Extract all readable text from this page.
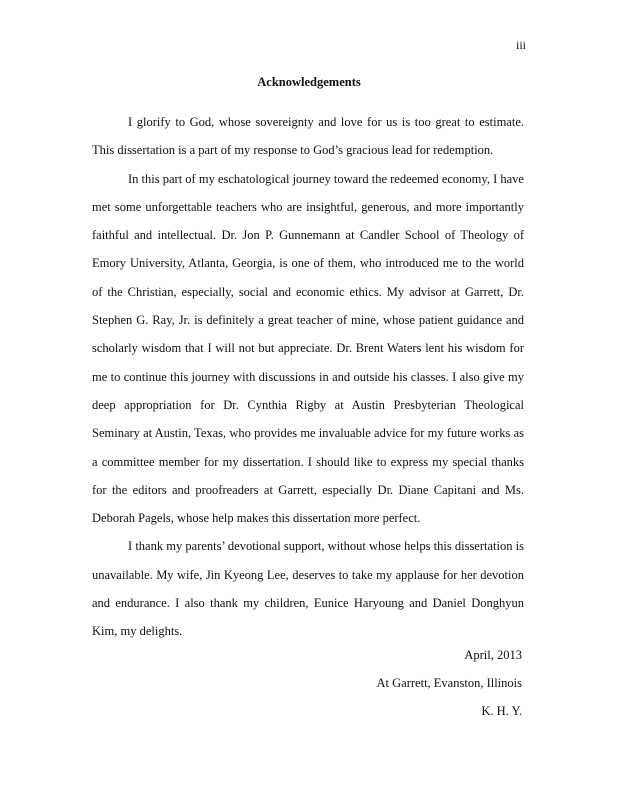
iii
Acknowledgements

I glorify to God, whose sovereignty and love for us is too great to estimate. This dissertation is a part of my response to God’s gracious lead for redemption.

In this part of my eschatological journey toward the redeemed economy, I have met some unforgettable teachers who are insightful, generous, and more importantly faithful and intellectual. Dr. Jon P. Gunnemann at Candler School of Theology of Emory University, Atlanta, Georgia, is one of them, who introduced me to the world of the Christian, especially, social and economic ethics. My advisor at Garrett, Dr. Stephen G. Ray, Jr. is definitely a great teacher of mine, whose patient guidance and scholarly wisdom that I will not but appreciate. Dr. Brent Waters lent his wisdom for me to continue this journey with discussions in and outside his classes. I also give my deep appropriation for Dr. Cynthia Rigby at Austin Presbyterian Theological Seminary at Austin, Texas, who provides me invaluable advice for my future works as a committee member for my dissertation. I should like to express my special thanks for the editors and proofreaders at Garrett, especially Dr. Diane Capitani and Ms. Deborah Pagels, whose help makes this dissertation more perfect.

I thank my parents’ devotional support, without whose helps this dissertation is unavailable. My wife, Jin Kyeong Lee, deserves to take my applause for her devotion and endurance. I also thank my children, Eunice Haryoung and Daniel Donghyun Kim, my delights.

April, 2013

At Garrett, Evanston, Illinois

K. H. Y.
